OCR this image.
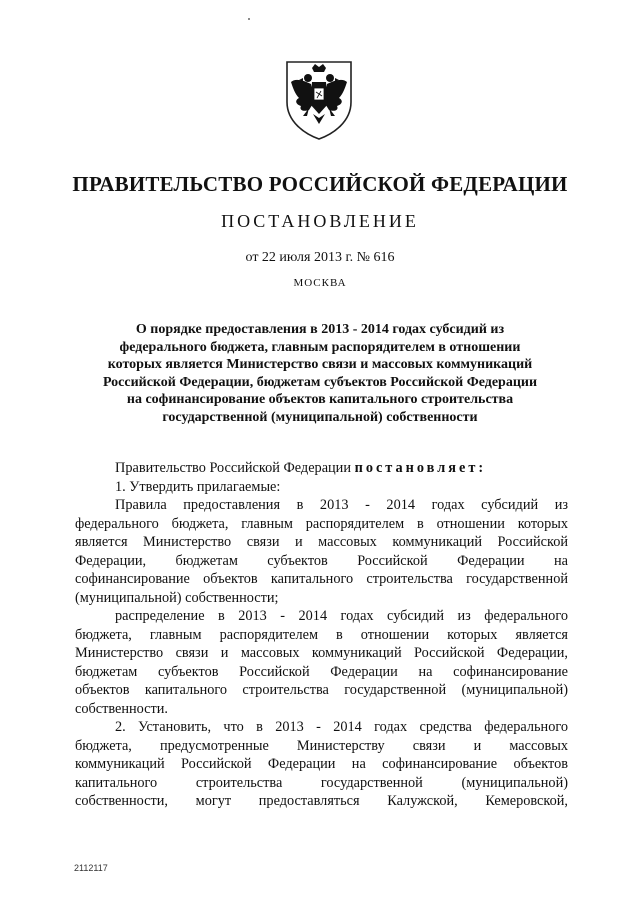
ПРАВИТЕЛЬСТВО РОССИЙСКОЙ ФЕДЕРАЦИИ
ПОСТАНОВЛЕНИЕ
от 22 июля 2013 г. № 616
МОСКВА
О порядке предоставления в 2013 - 2014 годах субсидий из
федерального бюджета, главным распорядителем в отношении
которых является Министерство связи и массовых коммуникаций
Российской Федерации, бюджетам субъектов Российской Федерации
на софинансирование объектов капитального строительства
государственной (муниципальной) собственности

Правительство Российской Федерации постановляет:

1. Утвердить прилагаемые:

Правила предоставления в 2013 - 2014 годах субсидий из
федерального бюджета, главным распорядителем в отношении которых
является Министерство связи и массовых коммуникаций Российской
Федерации, бюджетам субъектов Российской Федерации на
софинансирование объектов капитального строительства государственной
(муниципальной) собственности;

распределение в 2013 - 2014 годах субсидий из федерального
бюджета, главным распорядителем в отношении которых является
Министерство связи и массовых коммуникаций Российской Федерации,
бюджетам субъектов Российской Федерации на софинансирование
объектов капитального строительства государственной (муниципальной)
собственности.

2. Установить, что в 2013 - 2014 годах средства федерального
бюджета, предусмотренные Министерству связи и массовых
коммуникаций Российской Федерации на софинансирование объектов
капитального строительства государственной (муниципальной)
собственности, могут предоставляться Калужской, Кемеровской,

2112117
